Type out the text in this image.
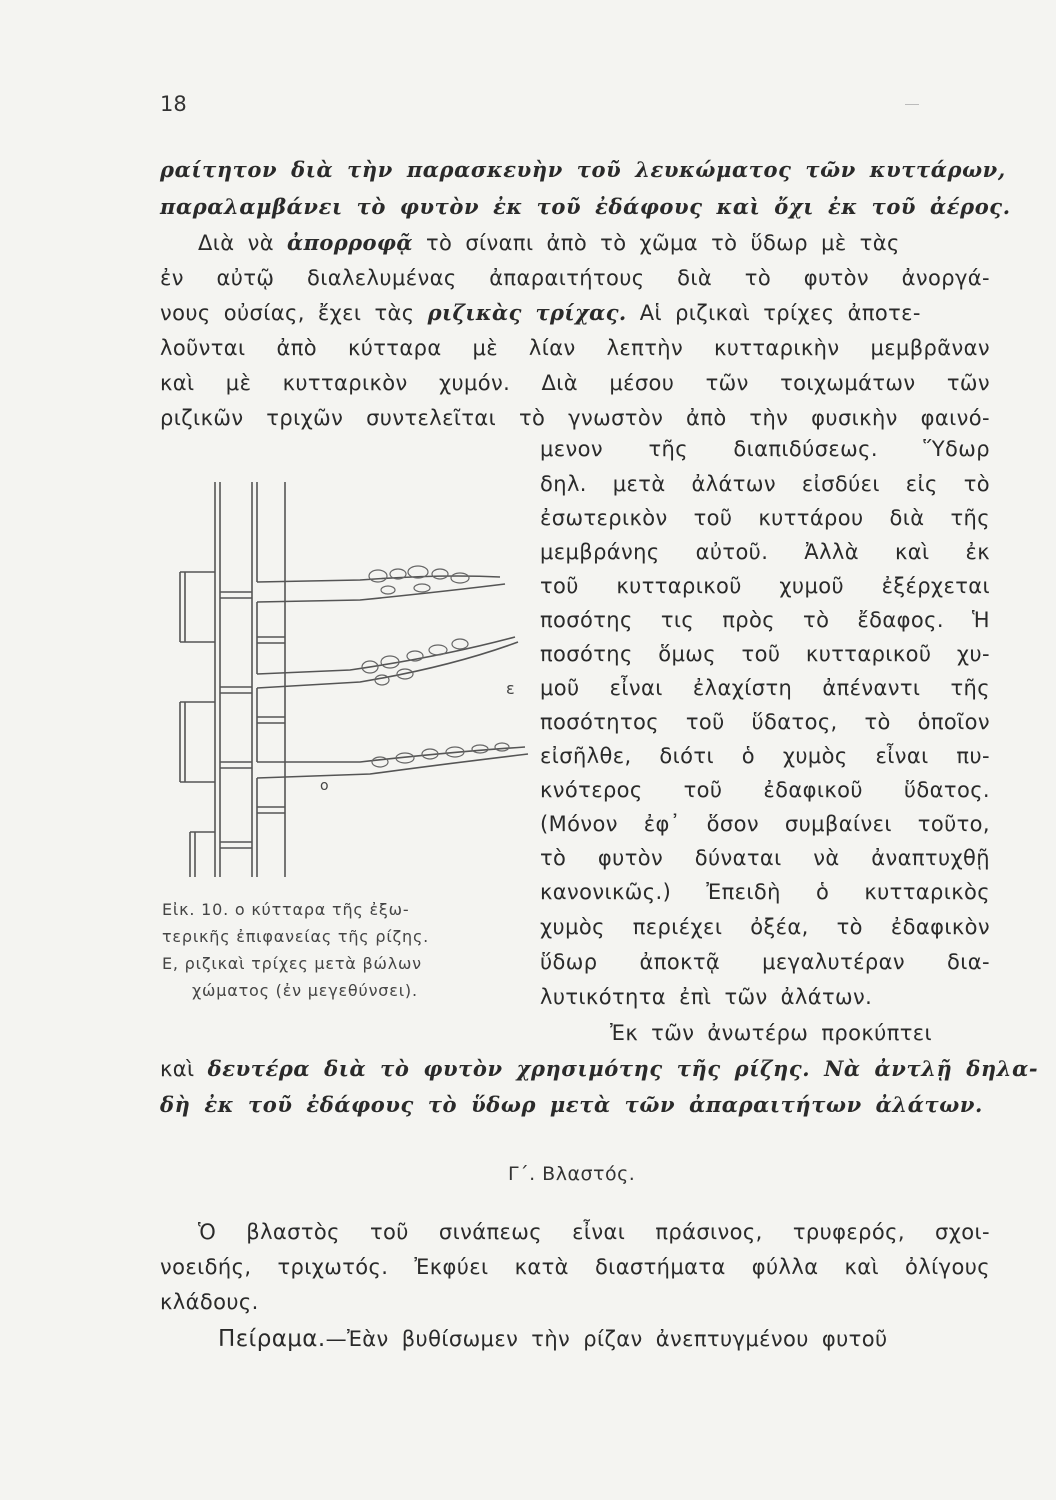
18
ραίτητον διὰ τὴν παρασκευὴν τοῦ λευκώματος τῶν κυττάρων,
παραλαμβάνει τὸ φυτὸν ἐκ τοῦ ἐδάφους καὶ ὄχι ἐκ τοῦ ἀέρος.
Διὰ νὰ ἀπορροφᾷ τὸ σίναπι ἀπὸ τὸ χῶμα τὸ ὕδωρ μὲ τὰς
ἐν αὐτῷ διαλελυμένας ἀπαραιτήτους διὰ τὸ φυτὸν ἀνοργά-
νους οὐσίας, ἔχει τὰς ριζικὰς τρίχας. Αἱ ριζικαὶ τρίχες ἀποτε-
λοῦνται ἀπὸ κύτταρα μὲ λίαν λεπτὴν κυτταρικὴν μεμβρᾶναν
καὶ μὲ κυτταρικὸν χυμόν. Διὰ μέσου τῶν τοιχωμάτων τῶν
ριζικῶν τριχῶν συντελεῖται τὸ γνωστὸν ἀπὸ τὴν φυσικὴν φαινό-
μενον τῆς διαπιδύσεως. Ὕδωρ
δηλ. μετὰ ἀλάτων εἰσδύει εἰς τὸ
ἐσωτερικὸν τοῦ κυττάρου διὰ τῆς
μεμβράνης αὐτοῦ. Ἀλλὰ καὶ ἐκ
τοῦ κυτταρικοῦ χυμοῦ ἐξέρχεται
ποσότης τις πρὸς τὸ ἔδαφος. Ἡ
ποσότης ὅμως τοῦ κυτταρικοῦ χυ-
μοῦ εἶναι ἐλαχίστη ἀπέναντι τῆς
ποσότητος τοῦ ὕδατος, τὸ ὁποῖον
εἰσῆλθε, διότι ὁ χυμὸς εἶναι πυ-
κνότερος τοῦ ἐδαφικοῦ ὕδατος.
(Μόνον ἐφ᾽ ὅσον συμβαίνει τοῦτο,
τὸ φυτὸν δύναται νὰ ἀναπτυχθῇ
κανονικῶς.) Ἐπειδὴ ὁ κυτταρικὸς
χυμὸς περιέχει ὀξέα, τὸ ἐδαφικὸν
ὕδωρ ἀποκτᾷ μεγαλυτέραν δια-
λυτικότητα ἐπὶ τῶν ἀλάτων.
ε
o
Εἰκ. 10. ο κύτταρα τῆς ἐξω-
τερικῆς ἐπιφανείας τῆς ρίζης.
Ε, ριζικαὶ τρίχες μετὰ βώλων
χώματος (ἐν μεγεθύνσει).
Ἐκ τῶν ἀνωτέρω προκύπτει
καὶ δευτέρα διὰ τὸ φυτὸν χρησιμότης τῆς ρίζης. Νὰ ἀντλῇ δηλα-
δὴ ἐκ τοῦ ἐδάφους τὸ ὕδωρ μετὰ τῶν ἀπαραιτήτων ἀλάτων.
Γ΄. Βλαστός.
Ὁ βλαστὸς τοῦ σινάπεως εἶναι πράσινος, τρυφερός, σχοι-
νοειδής, τριχωτός. Ἐκφύει κατὰ διαστήματα φύλλα καὶ ὀλίγους
κλάδους.
Πείραμα.—Ἐὰν βυθίσωμεν τὴν ρίζαν ἀνεπτυγμένου φυτοῦ
